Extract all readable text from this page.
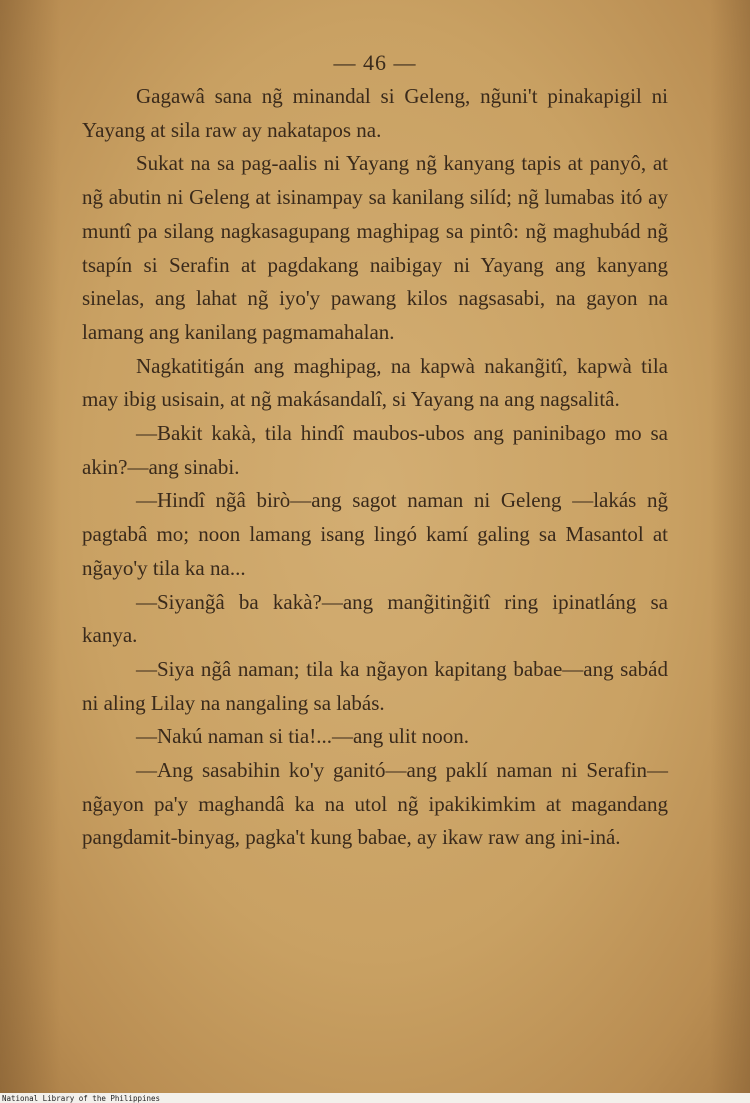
— 46 —

Gagawâ sana ng̃ minandal si Geleng, ng̃uni't pinakapigil ni Yayang at sila raw ay nakatapos na.

Sukat na sa pag-aalis ni Yayang ng̃ kanyang tapis at panyô, at ng̃ abutin ni Geleng at isinampay sa kanilang silíd; ng̃ lumabas itó ay muntî pa silang nagkasagupang maghipag sa pintô: ng̃ maghubád ng̃ tsapín si Serafin at pagdakang naibigay ni Yayang ang kanyang sinelas, ang lahat ng̃ iyo'y pawang kilos nagsasabi, na gayon na lamang ang kanilang pagmamahalan.

Nagkatitigán ang maghipag, na kapwà nakang̃itî, kapwà tila may ibig usisain, at ng̃ makásandalî, si Yayang na ang nagsalitâ.

—Bakit kakà, tila hindî maubos-ubos ang paninibago mo sa akin?—ang sinabi.

—Hindî ng̃â birò—ang sagot naman ni Geleng —lakás ng̃ pagtabâ mo; noon lamang isang lingó kamí galing sa Masantol at ng̃ayo'y tila ka na...

—Siyang̃â ba kakà?—ang mang̃iting̃itî ring ipinatláng sa kanya.

—Siya ng̃â naman; tila ka ng̃ayon kapitang babae—ang sabád ni aling Lilay na nangaling sa labás.

—Nakú naman si tia!...—ang ulit noon.

—Ang sasabihin ko'y ganitó—ang paklí naman ni Serafin—ng̃ayon pa'y maghandâ ka na utol ng̃ ipakikimkim at magandang pangdamit-binyag, pagka't kung babae, ay ikaw raw ang ini-iná.

National Library of the Philippines
